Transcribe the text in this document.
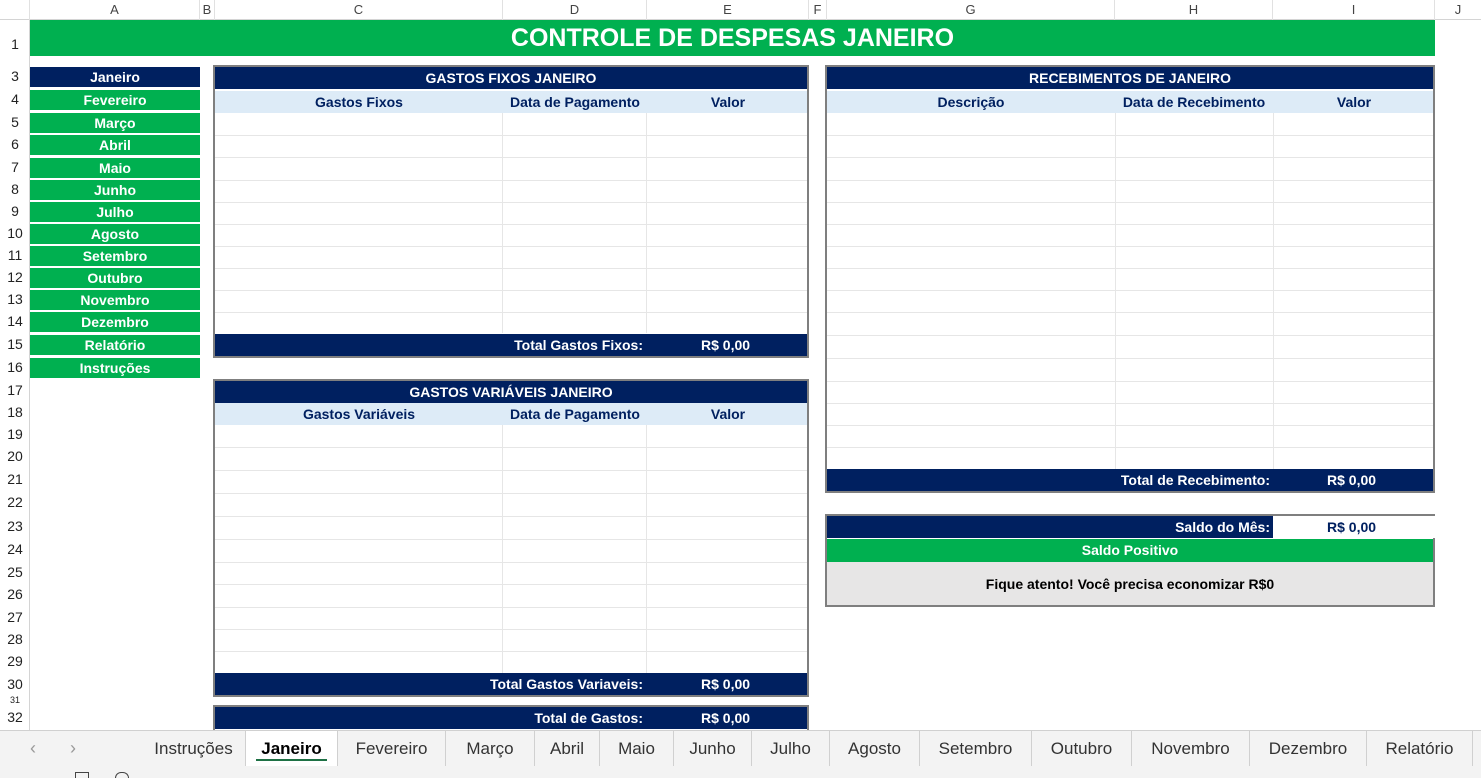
A	B	C	D	E	F	G	H	I	J
1
3
4
5
6
7
8
9
10
11
12
13
14
15
16
17
18
19
20
21
22
23
24
25
26
27
28
29
30
31
32
CONTROLE DE DESPESAS JANEIRO
Janeiro
Fevereiro
Março
Abril
Maio
Junho
Julho
Agosto
Setembro
Outubro
Novembro
Dezembro
Relatório
Instruções
GASTOS FIXOS JANEIRO
Gastos Fixos	Data de Pagamento	Valor
Total Gastos Fixos:	R$ 0,00
GASTOS VARIÁVEIS JANEIRO
Gastos Variáveis	Data de Pagamento	Valor
Total Gastos Variaveis:	R$ 0,00
Total de Gastos:	R$ 0,00
RECEBIMENTOS DE JANEIRO
Descrição	Data de Recebimento	Valor
Total de Recebimento:	R$ 0,00
Saldo do Mês:	R$ 0,00
Saldo Positivo
Fique atento! Você precisa economizar R$0
‹	›	Instruções	Janeiro	Fevereiro	Março	Abril	Maio	Junho	Julho	Agosto	Setembro	Outubro	Novembro	Dezembro	Relatório
